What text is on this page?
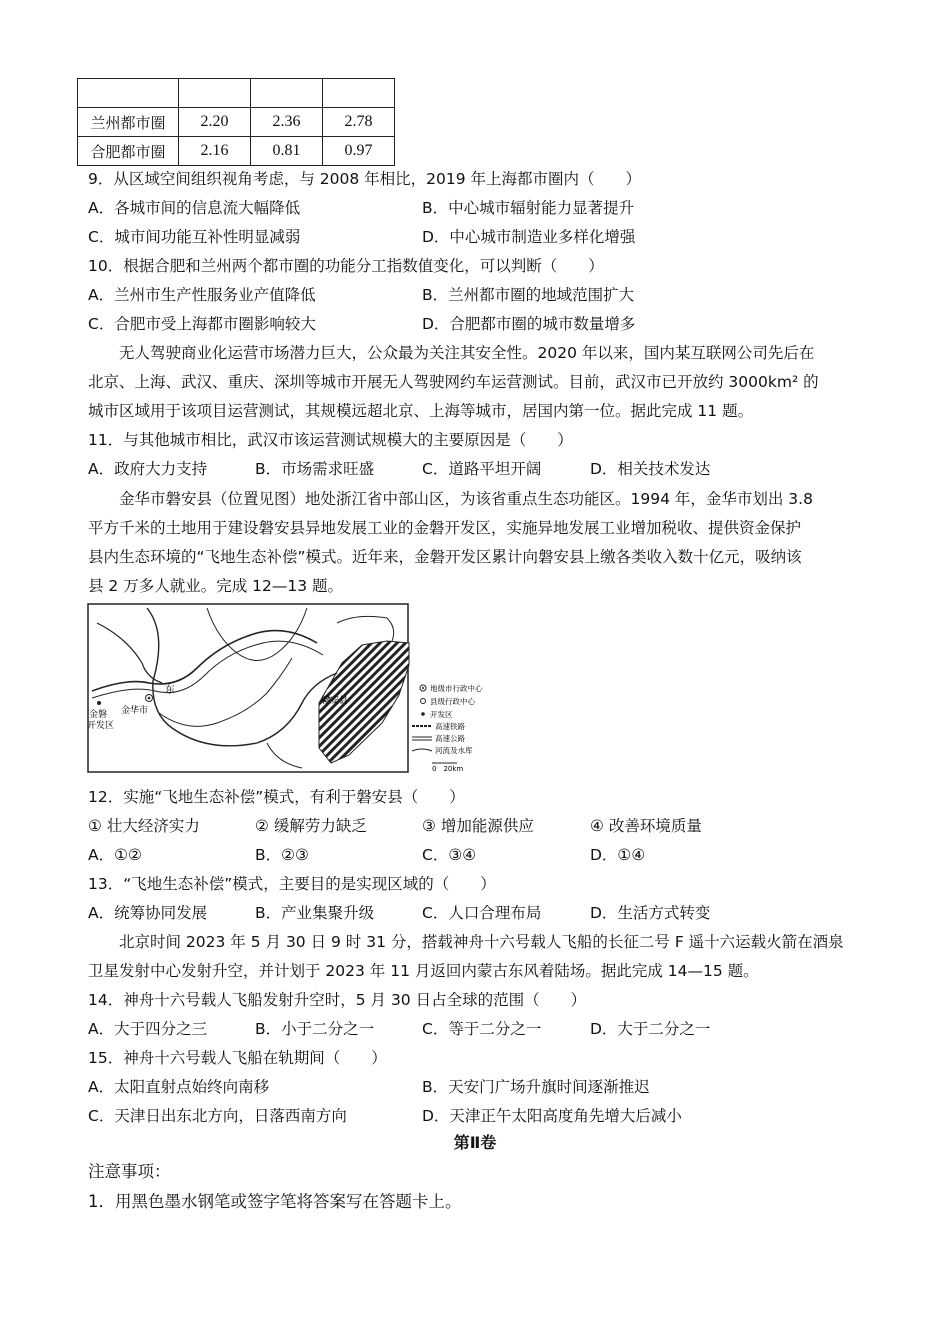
兰州都市圈	2.20	2.36	2.78
合肥都市圈	2.16	0.81	0.97
9．从区域空间组织视角考虑，与 2008 年相比，2019 年上海都市圈内（　　）
A．各城市间的信息流大幅降低	B．中心城市辐射能力显著提升
C．城市间功能互补性明显减弱	D．中心城市制造业多样化增强
10．根据合肥和兰州两个都市圈的功能分工指数值变化，可以判断（　　）
A．兰州市生产性服务业产值降低	B．兰州都市圈的地域范围扩大
C．合肥市受上海都市圈影响较大	D．合肥都市圈的城市数量增多
无人驾驶商业化运营市场潜力巨大，公众最为关注其安全性。2020 年以来，国内某互联网公司先后在
北京、上海、武汉、重庆、深圳等城市开展无人驾驶网约车运营测试。目前，武汉市已开放约 3000km² 的
城市区域用于该项目运营测试，其规模远超北京、上海等城市，居国内第一位。据此完成 11 题。
11．与其他城市相比，武汉市该运营测试规模大的主要原因是（　　）
A．政府大力支持	B．市场需求旺盛	C．道路平坦开阔	D．相关技术发达
金华市磐安县（位置见图）地处浙江省中部山区，为该省重点生态功能区。1994 年，金华市划出 3.8
平方千米的土地用于建设磐安县异地发展工业的金磐开发区，实施异地发展工业增加税收、提供资金保护
县内生态环境的“飞地生态补偿”模式。近年来，金磐开发区累计向磐安县上缴各类收入数十亿元，吸纳该
县 2 万多人就业。完成 12—13 题。
东
金华市
金磐
开发区
磐安县
地级市行政中心
县级行政中心
开发区
高速铁路
高速公路
河流及水库
0　20km
12．实施“飞地生态补偿”模式，有利于磐安县（　　）
① 壮大经济实力	② 缓解劳力缺乏	③ 增加能源供应	④ 改善环境质量
A．①②	B．②③	C．③④	D．①④
13．“飞地生态补偿”模式，主要目的是实现区域的（　　）
A．统筹协同发展	B．产业集聚升级	C．人口合理布局	D．生活方式转变
北京时间 2023 年 5 月 30 日 9 时 31 分，搭载神舟十六号载人飞船的长征二号 F 遥十六运载火箭在酒泉
卫星发射中心发射升空，并计划于 2023 年 11 月返回内蒙古东风着陆场。据此完成 14—15 题。
14．神舟十六号载人飞船发射升空时，5 月 30 日占全球的范围（　　）
A．大于四分之三	B．小于二分之一	C．等于二分之一	D．大于二分之一
15．神舟十六号载人飞船在轨期间（　　）
A．太阳直射点始终向南移	B．天安门广场升旗时间逐渐推迟
C．天津日出东北方向，日落西南方向	D．天津正午太阳高度角先增大后减小
第Ⅱ卷
注意事项：
1．用黑色墨水钢笔或签字笔将答案写在答题卡上。
